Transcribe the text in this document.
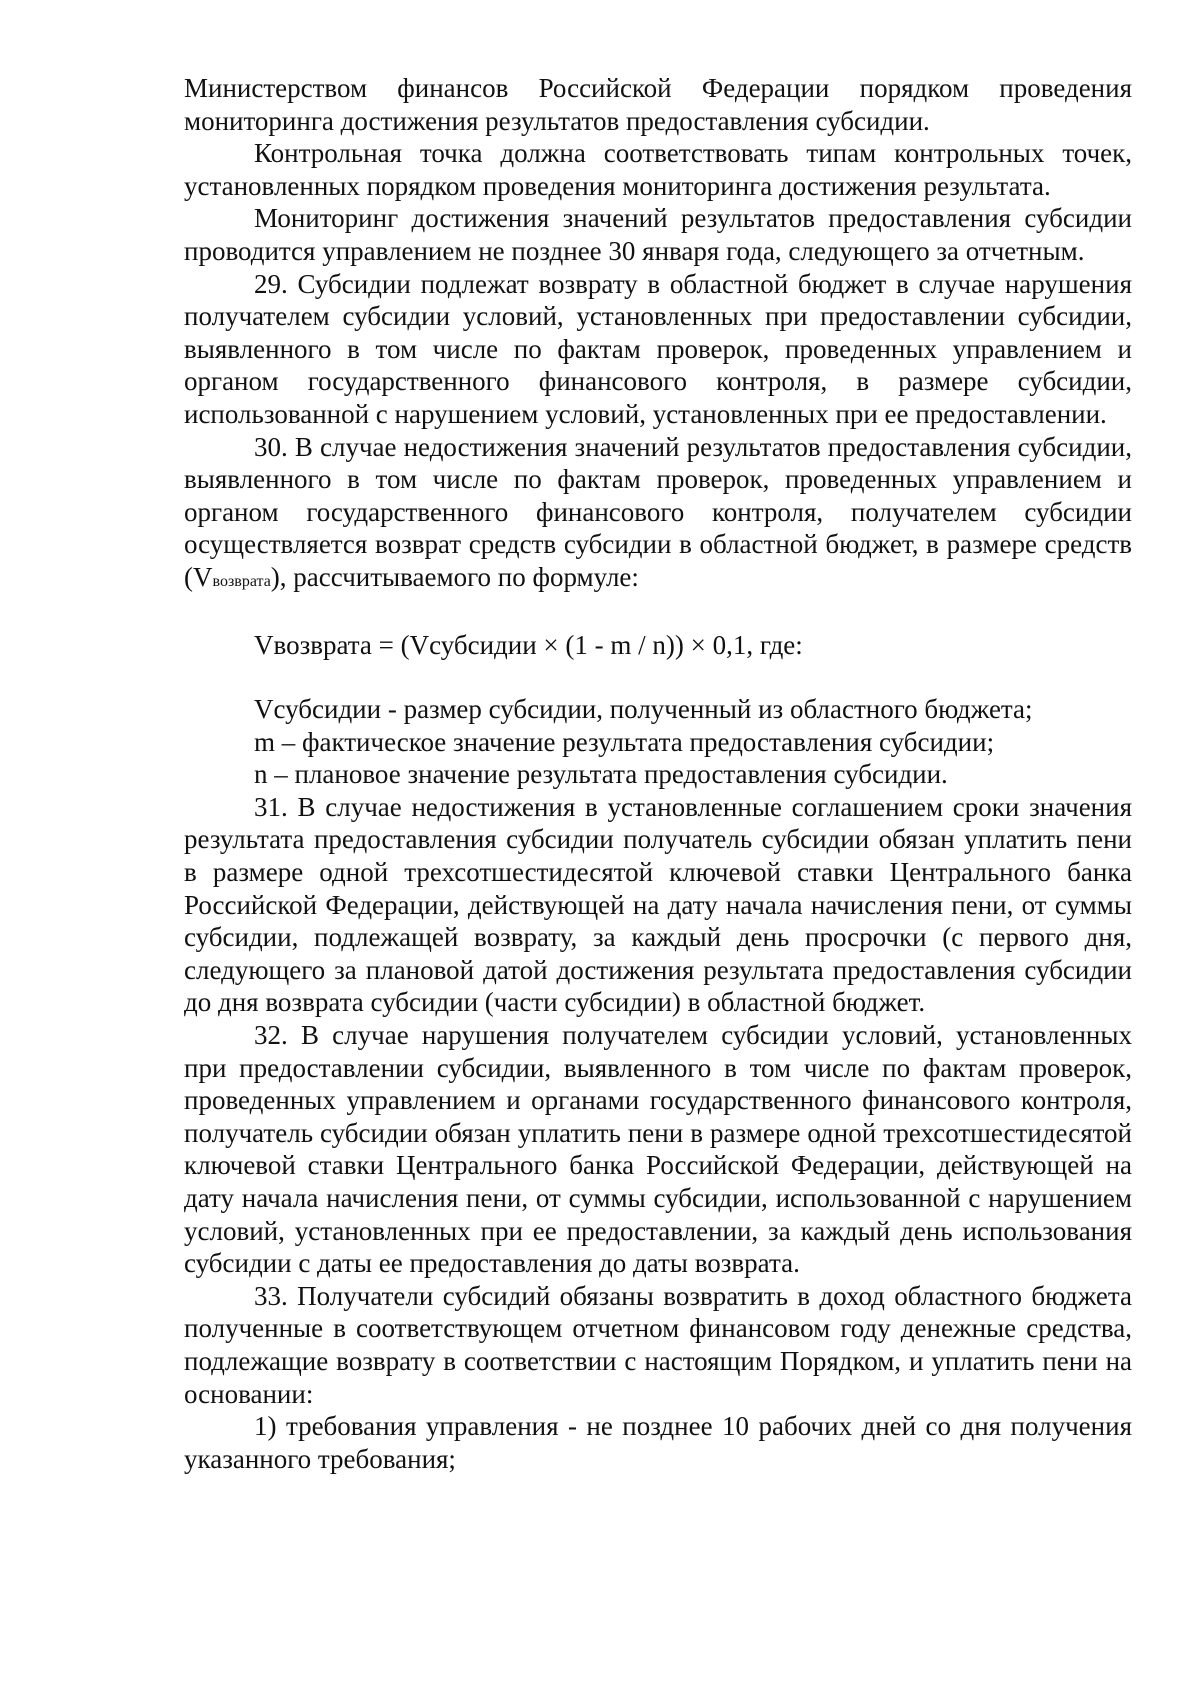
Министерством финансов Российской Федерации порядком проведения мониторинга достижения результатов предоставления субсидии.

Контрольная точка должна соответствовать типам контрольных точек, установленных порядком проведения мониторинга достижения результата.

Мониторинг достижения значений результатов предоставления субсидии проводится управлением не позднее 30 января года, следующего за отчетным.

29. Субсидии подлежат возврату в областной бюджет в случае нарушения получателем субсидии условий, установленных при предоставлении субсидии, выявленного в том числе по фактам проверок, проведенных управлением и органом государственного финансового контроля, в размере субсидии, использованной с нарушением условий, установленных при ее предоставлении.

30. В случае недостижения значений результатов предоставления субсидии, выявленного в том числе по фактам проверок, проведенных управлением и органом государственного финансового контроля, получателем субсидии осуществляется возврат средств субсидии в областной бюджет, в размере средств (Vвозврата), рассчитываемого по формуле:

Vвозврата = (Vсубсидии × (1 - m / n)) × 0,1, где:

Vсубсидии - размер субсидии, полученный из областного бюджета;

m – фактическое значение результата предоставления субсидии;

n – плановое значение результата предоставления субсидии.

31. В случае недостижения в установленные соглашением сроки значения результата предоставления субсидии получатель субсидии обязан уплатить пени в размере одной трехсотшестидесятой ключевой ставки Центрального банка Российской Федерации, действующей на дату начала начисления пени, от суммы субсидии, подлежащей возврату, за каждый день просрочки (с первого дня, следующего за плановой датой достижения результата предоставления субсидии до дня возврата субсидии (части субсидии) в областной бюджет.

32. В случае нарушения получателем субсидии условий, установленных при предоставлении субсидии, выявленного в том числе по фактам проверок, проведенных управлением и органами государственного финансового контроля, получатель субсидии обязан уплатить пени в размере одной трехсотшестидесятой ключевой ставки Центрального банка Российской Федерации, действующей на дату начала начисления пени, от суммы субсидии, использованной с нарушением условий, установленных при ее предоставлении, за каждый день использования субсидии с даты ее предоставления до даты возврата.

33. Получатели субсидий обязаны возвратить в доход областного бюджета полученные в соответствующем отчетном финансовом году денежные средства, подлежащие возврату в соответствии с настоящим Порядком, и уплатить пени на основании:

1) требования управления - не позднее 10 рабочих дней со дня получения указанного требования;
